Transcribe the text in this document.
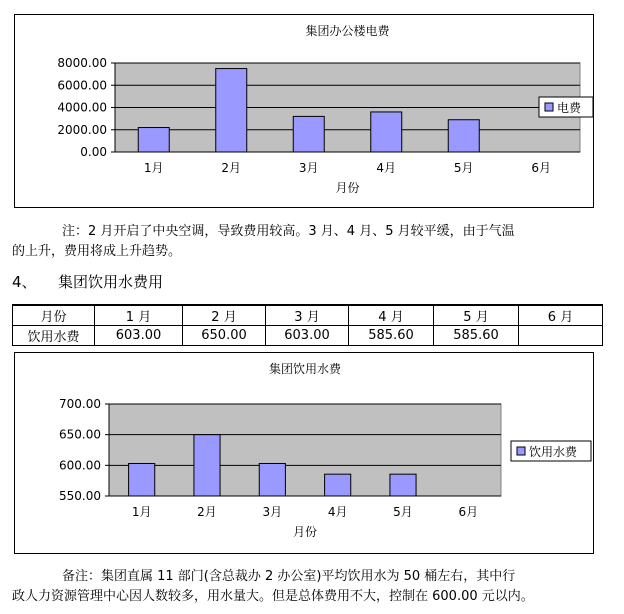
集团办公楼电费
8000.00
6000.00
4000.00
2000.00
0.00
1月	2月	3月	4月	5月	6月
月份
电费
注：2 月开启了中央空调，导致费用较高。3 月、4 月、5 月较平缓，由于气温
的上升，费用将成上升趋势。
4、 集团饮用水费用
月份	1 月	2 月	3 月	4 月	5 月	6 月
饮用水费	603.00	650.00	603.00	585.60	585.60	
集团饮用水费
700.00
650.00
600.00
550.00
1月	2月	3月	4月	5月	6月
月份
饮用水费
备注：集团直属 11 部门(含总裁办 2 办公室)平均饮用水为 50 桶左右，其中行
政人力资源管理中心因人数较多，用水量大。但是总体费用不大，控制在 600.00 元以内。
